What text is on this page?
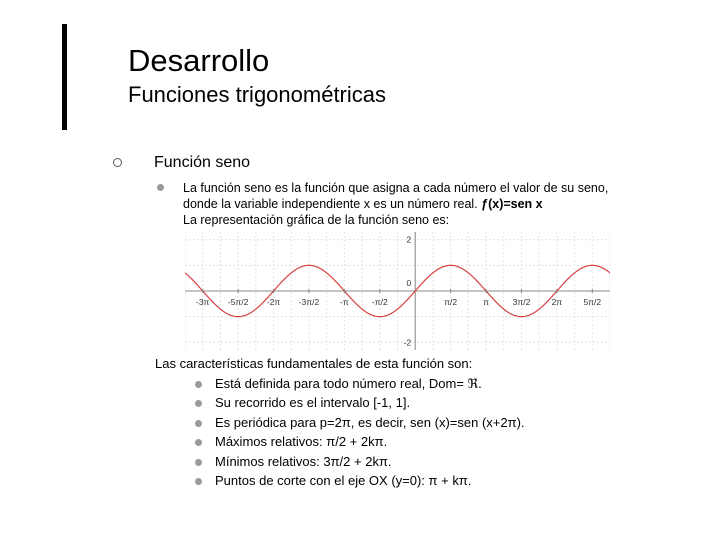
Desarrollo
Funciones trigonométricas
Función seno
La función seno es la función que asigna a cada número el valor de su seno,
donde la variable independiente x es un número real. ƒ(x)=sen x
La representación gráfica de la función seno es:
-3π -5π/2 -2π -3π/2 -π	-π/2	π/2	π	3π/2	2π	5π/2
2
-2
0
Las características fundamentales de esta función son:
Está definida para todo número real, Dom= ℜ.
Su recorrido es el intervalo [-1, 1].
Es periódica para p=2π, es decir, sen (x)=sen (x+2π).
Máximos relativos: π/2 + 2kπ.
Mínimos relativos: 3π/2 + 2kπ.
Puntos de corte con el eje OX (y=0): π + kπ.
